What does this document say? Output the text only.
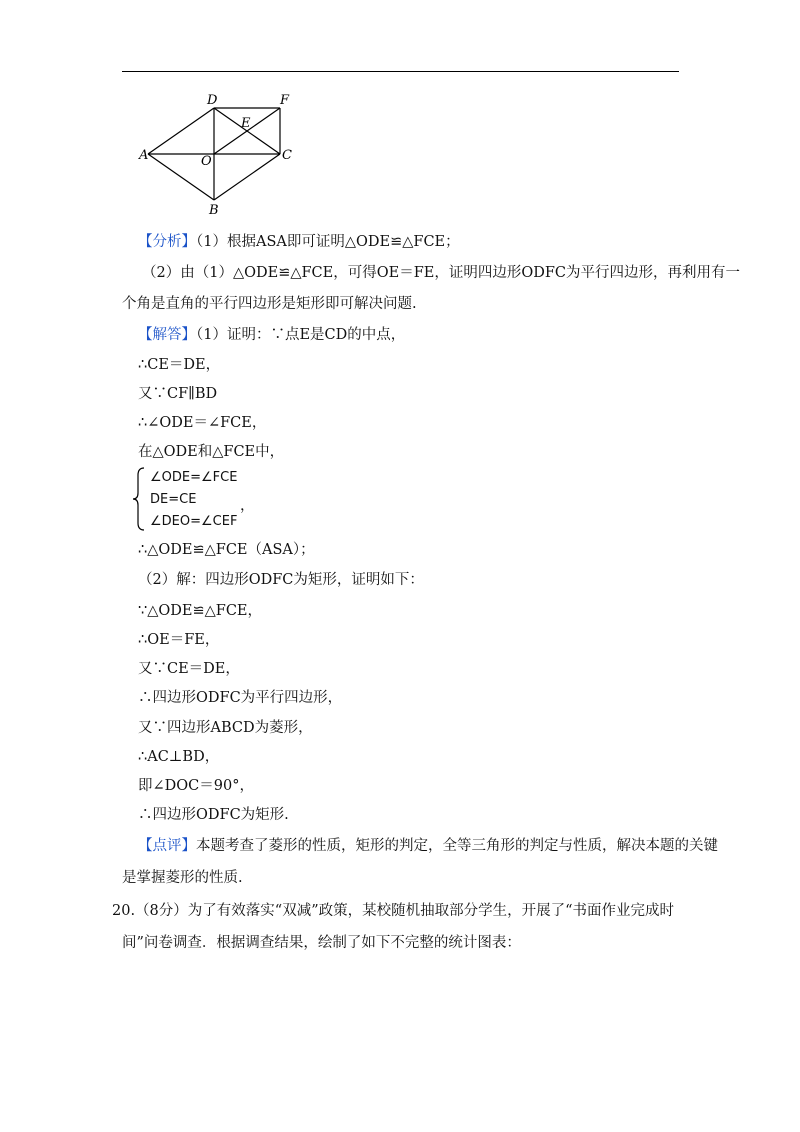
D	F
E
A	O	C
B
【分析】（1）根据ASA即可证明△ODE≌△FCE；
（2）由（1）△ODE≌△FCE，可得OE＝FE，证明四边形ODFC为平行四边形，再利用有一
个角是直角的平行四边形是矩形即可解决问题.
【解答】（1）证明：∵点E是CD的中点，
∴CE＝DE，
又∵CF∥BD
∴∠ODE＝∠FCE，
在△ODE和△FCE中，
∠ODE=∠FCE
DE=CE
∠DEO=∠CEF
，
∴△ODE≌△FCE（ASA）；
（2）解：四边形ODFC为矩形，证明如下：
∵△ODE≌△FCE，
∴OE＝FE，
又∵CE＝DE，
∴四边形ODFC为平行四边形，
又∵四边形ABCD为菱形，
∴AC⊥BD，
即∠DOC＝90°，
∴四边形ODFC为矩形.
【点评】本题考查了菱形的性质，矩形的判定，全等三角形的判定与性质，解决本题的关键
是掌握菱形的性质.
20.（8分）为了有效落实“双减”政策，某校随机抽取部分学生，开展了“书面作业完成时
间”问卷调查．根据调查结果，绘制了如下不完整的统计图表：
